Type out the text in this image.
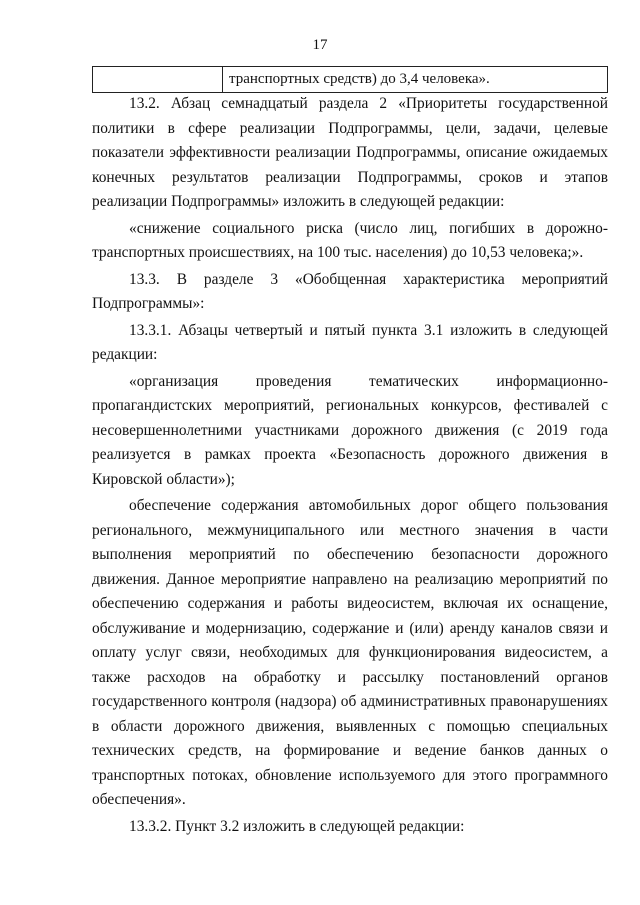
17
	транспортных средств) до 3,4 человека».

13.2. Абзац семнадцатый раздела 2 «Приоритеты государственной политики в сфере реализации Подпрограммы, цели, задачи, целевые показатели эффективности реализации Подпрограммы, описание ожидаемых конечных результатов реализации Подпрограммы, сроков и этапов реализации Подпрограммы» изложить в следующей редакции:

«снижение социального риска (число лиц, погибших в дорожно-транспортных происшествиях, на 100 тыс. населения) до 10,53 человека;».

13.3. В разделе 3 «Обобщенная характеристика мероприятий Подпрограммы»:

13.3.1. Абзацы четвертый и пятый пункта 3.1 изложить в следующей редакции:

«организация проведения тематических информационно-пропагандистских мероприятий, региональных конкурсов, фестивалей с несовершеннолетними участниками дорожного движения (с 2019 года реализуется в рамках проекта «Безопасность дорожного движения в Кировской области»);

обеспечение содержания автомобильных дорог общего пользования регионального, межмуниципального или местного значения в части выполнения мероприятий по обеспечению безопасности дорожного движения. Данное мероприятие направлено на реализацию мероприятий по обеспечению содержания и работы видеосистем, включая их оснащение, обслуживание и модернизацию, содержание и (или) аренду каналов связи и оплату услуг связи, необходимых для функционирования видеосистем, а также расходов на обработку и рассылку постановлений органов государственного контроля (надзора) об административных правонарушениях в области дорожного движения, выявленных с помощью специальных технических средств, на формирование и ведение банков данных о транспортных потоках, обновление используемого для этого программного обеспечения».

13.3.2. Пункт 3.2 изложить в следующей редакции:
